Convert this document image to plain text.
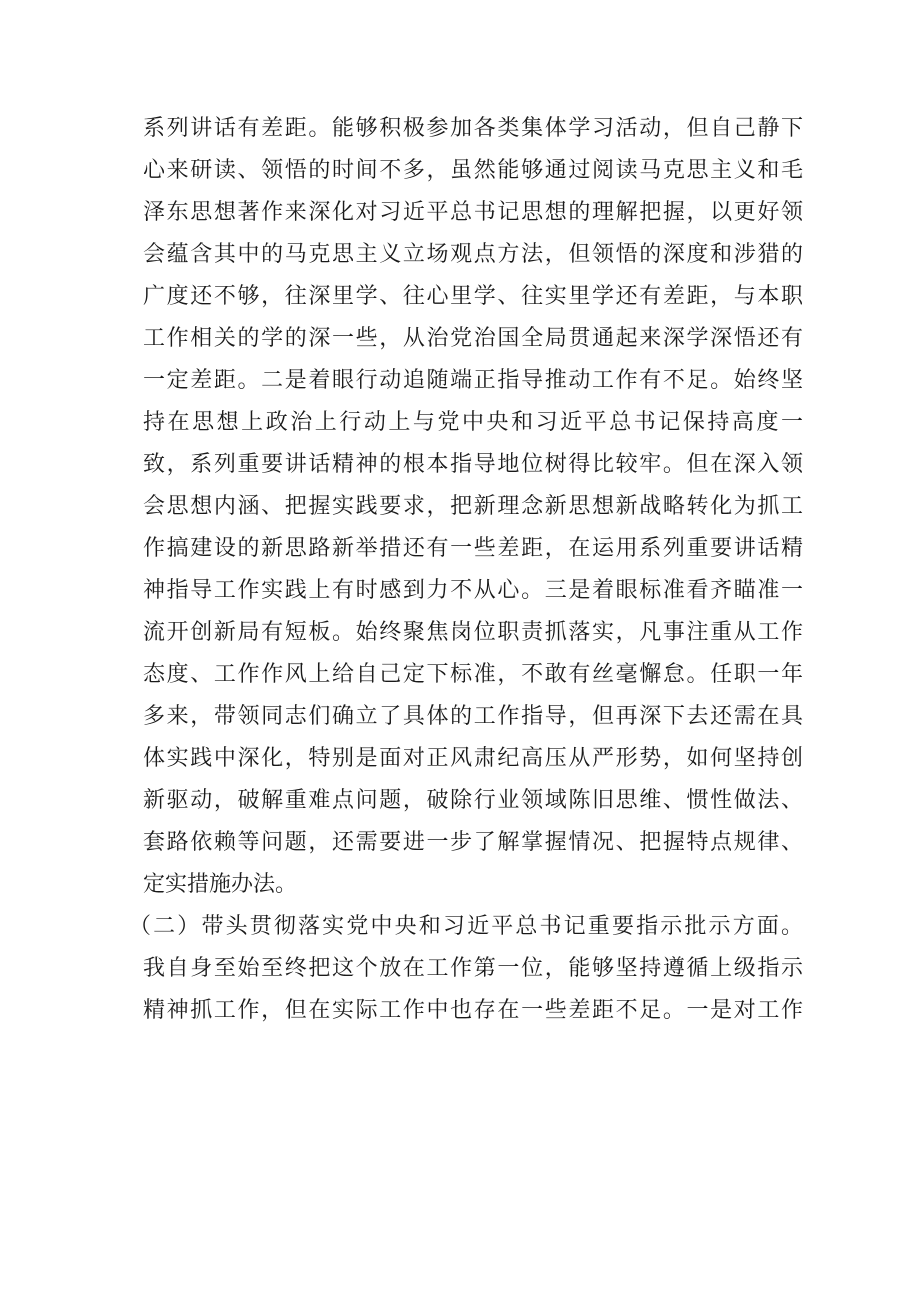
系列讲话有差距。能够积极参加各类集体学习活动，但自己静下
心来研读、领悟的时间不多，虽然能够通过阅读马克思主义和毛
泽东思想著作来深化对习近平总书记思想的理解把握，以更好领
会蕴含其中的马克思主义立场观点方法，但领悟的深度和涉猎的
广度还不够，往深里学、往心里学、往实里学还有差距，与本职
工作相关的学的深一些，从治党治国全局贯通起来深学深悟还有
一定差距。二是着眼行动追随端正指导推动工作有不足。始终坚
持在思想上政治上行动上与党中央和习近平总书记保持高度一
致，系列重要讲话精神的根本指导地位树得比较牢。但在深入领
会思想内涵、把握实践要求，把新理念新思想新战略转化为抓工
作搞建设的新思路新举措还有一些差距，在运用系列重要讲话精
神指导工作实践上有时感到力不从心。三是着眼标准看齐瞄准一
流开创新局有短板。始终聚焦岗位职责抓落实，凡事注重从工作
态度、工作作风上给自己定下标准，不敢有丝毫懈怠。任职一年
多来，带领同志们确立了具体的工作指导，但再深下去还需在具
体实践中深化，特别是面对正风肃纪高压从严形势，如何坚持创
新驱动，破解重难点问题，破除行业领域陈旧思维、惯性做法、
套路依赖等问题，还需要进一步了解掌握情况、把握特点规律、
定实措施办法。
（二）带头贯彻落实党中央和习近平总书记重要指示批示方面。
我自身至始至终把这个放在工作第一位，能够坚持遵循上级指示
精神抓工作，但在实际工作中也存在一些差距不足。一是对工作
